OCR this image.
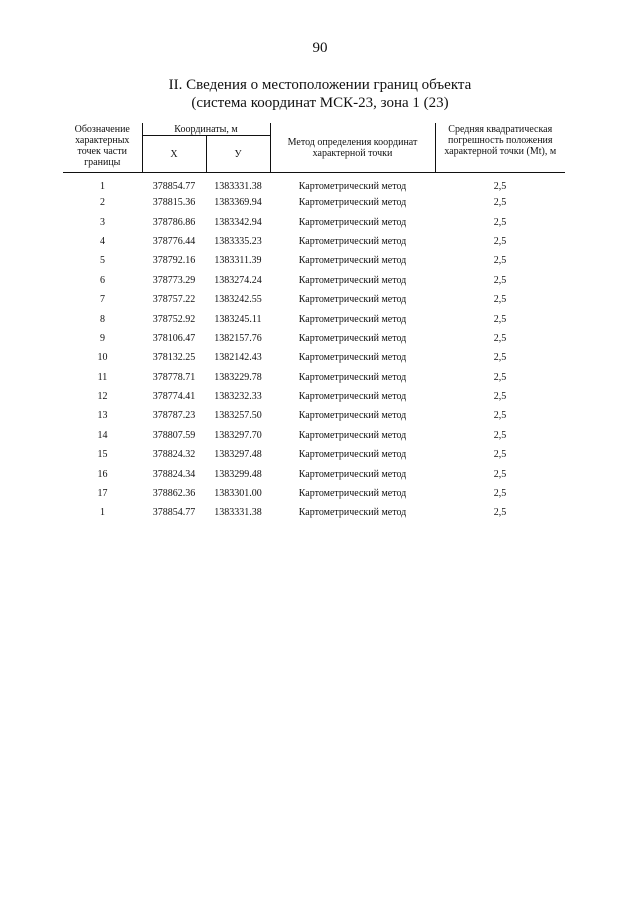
90
II. Сведения о местоположении границ объекта
(система координат МСК-23, зона 1 (23)
Обозначение характерных точек части границы	Координаты, м		Метод определения координат характерной точки	Средняя квадратическая погрешность положения характерной точки (Mt), м
	X	У		
1	378854.77	1383331.38	Картометрический метод	2,5
2	378815.36	1383369.94	Картометрический метод	2,5
3	378786.86	1383342.94	Картометрический метод	2,5
4	378776.44	1383335.23	Картометрический метод	2,5
5	378792.16	1383311.39	Картометрический метод	2,5
6	378773.29	1383274.24	Картометрический метод	2,5
7	378757.22	1383242.55	Картометрический метод	2,5
8	378752.92	1383245.11	Картометрический метод	2,5
9	378106.47	1382157.76	Картометрический метод	2,5
10	378132.25	1382142.43	Картометрический метод	2,5
11	378778.71	1383229.78	Картометрический метод	2,5
12	378774.41	1383232.33	Картометрический метод	2,5
13	378787.23	1383257.50	Картометрический метод	2,5
14	378807.59	1383297.70	Картометрический метод	2,5
15	378824.32	1383297.48	Картометрический метод	2,5
16	378824.34	1383299.48	Картометрический метод	2,5
17	378862.36	1383301.00	Картометрический метод	2,5
1	378854.77	1383331.38	Картометрический метод	2,5
